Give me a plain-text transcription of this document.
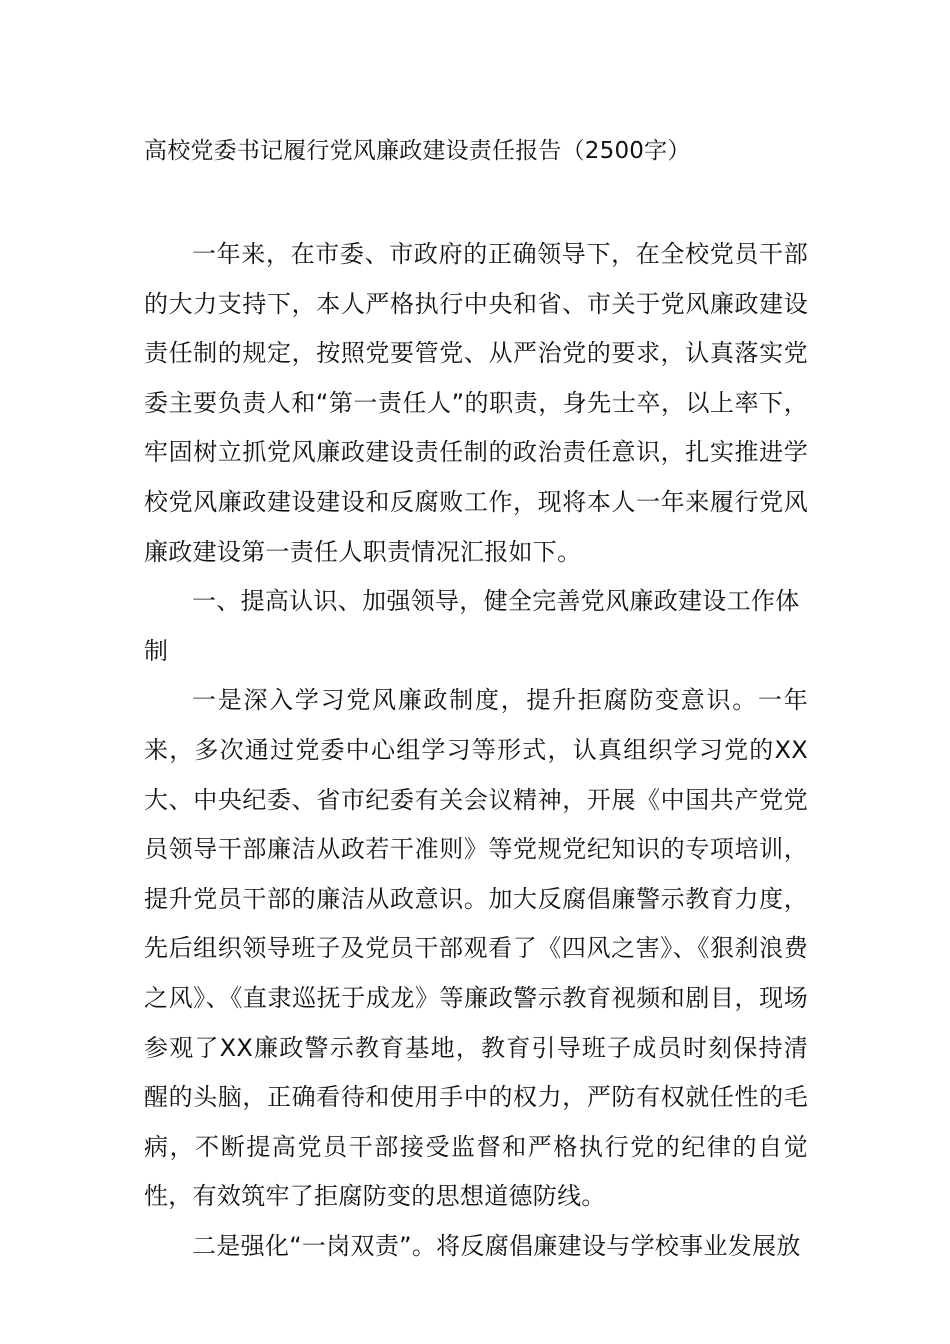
高校党委书记履行党风廉政建设责任报告（2500字）

一年来，在市委、市政府的正确领导下，在全校党员干部的大力支持下，本人严格执行中央和省、市关于党风廉政建设责任制的规定，按照党要管党、从严治党的要求，认真落实党委主要负责人和“第一责任人”的职责，身先士卒，以上率下，牢固树立抓党风廉政建设责任制的政治责任意识，扎实推进学校党风廉政建设建设和反腐败工作，现将本人一年来履行党风廉政建设第一责任人职责情况汇报如下。

一、提高认识、加强领导，健全完善党风廉政建设工作体制

一是深入学习党风廉政制度，提升拒腐防变意识。一年来，多次通过党委中心组学习等形式，认真组织学习党的XX大、中央纪委、省市纪委有关会议精神，开展《中国共产党党员领导干部廉洁从政若干准则》等党规党纪知识的专项培训，提升党员干部的廉洁从政意识。加大反腐倡廉警示教育力度，先后组织领导班子及党员干部观看了《四风之害》、《狠刹浪费之风》、《直隶巡抚于成龙》等廉政警示教育视频和剧目，现场参观了XX廉政警示教育基地，教育引导班子成员时刻保持清醒的头脑，正确看待和使用手中的权力，严防有权就任性的毛病，不断提高党员干部接受监督和严格执行党的纪律的自觉性，有效筑牢了拒腐防变的思想道德防线。

二是强化“一岗双责”。将反腐倡廉建设与学校事业发展放
